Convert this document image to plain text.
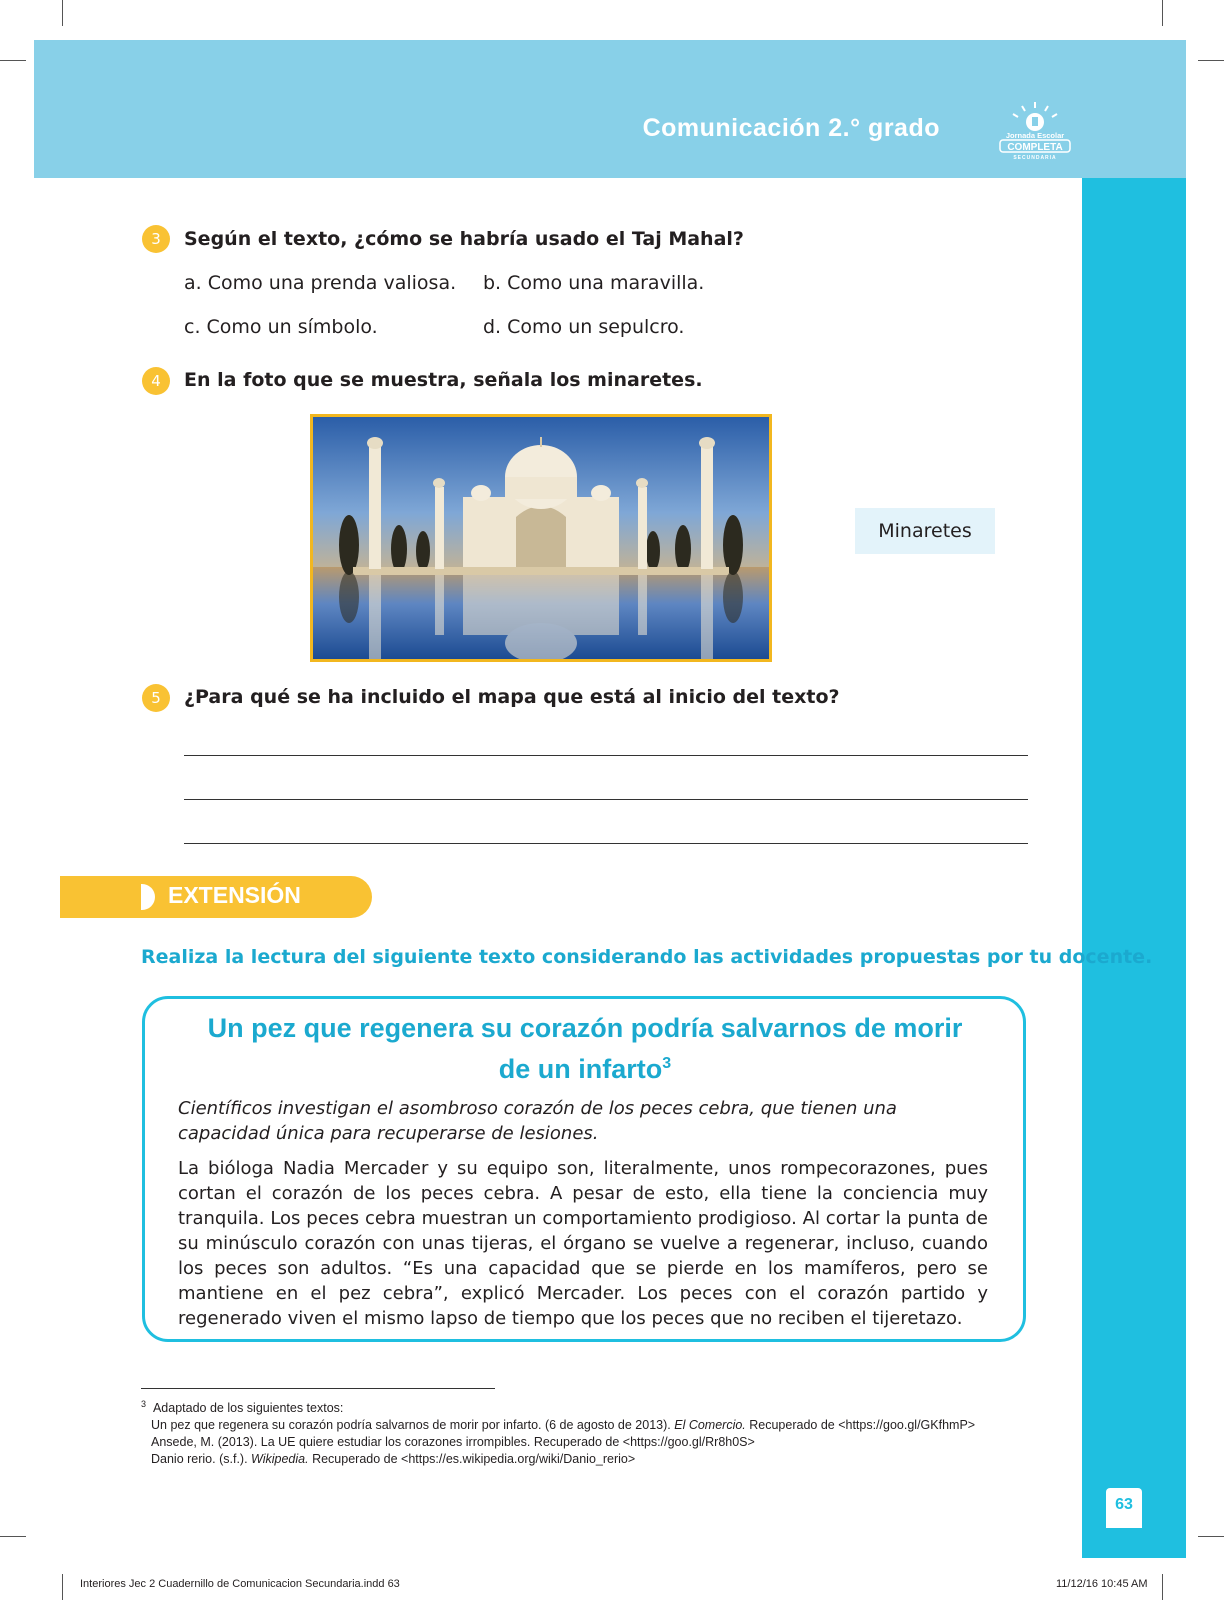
Comunicación 2.° grado	Jornada Escolar
COMPLETA
SECUNDARIA
63
3	Según el texto, ¿cómo se habría usado el Taj Mahal?
a. Como una prenda valiosa. b. Como una maravilla.
c. Como un símbolo.	d. Como un sepulcro.
4	En la foto que se muestra, señala los minaretes.
Minaretes
5	¿Para qué se ha incluido el mapa que está al inicio del texto?
EXTENSIÓN
Realiza la lectura del siguiente texto considerando las actividades propuestas por tu docente.
Un pez que regenera su corazón podría salvarnos de morir
de un infarto$^3$
Científicos investigan el asombroso corazón de los peces cebra, que tienen una capacidad única para recuperarse de lesiones.
La bióloga Nadia Mercader y su equipo son, literalmente, unos rompecorazones, pues cortan el corazón de los peces cebra. A pesar de esto, ella tiene la conciencia muy tranquila. Los peces cebra muestran un comportamiento prodigioso. Al cortar la punta de su minúsculo corazón con unas tijeras, el órgano se vuelve a regenerar, incluso, cuando los peces son adultos. “Es una capacidad que se pierde en los mamíferos, pero se mantiene en el pez cebra”, explicó Mercader. Los peces con el corazón partido y regenerado viven el mismo lapso de tiempo que los peces que no reciben el tijeretazo.
$^3$ Adaptado de los siguientes textos:
Un pez que regenera su corazón podría salvarnos de morir por infarto. (6 de agosto de 2013). El Comercio. Recuperado de <https://goo.gl/GKfhmP>
Ansede, M. (2013). La UE quiere estudiar los corazones irrompibles. Recuperado de <https://goo.gl/Rr8h0S>
Danio rerio. (s.f.). Wikipedia. Recuperado de <https://es.wikipedia.org/wiki/Danio_rerio>
Interiores Jec 2 Cuadernillo de Comunicacion Secundaria.indd 63	11/12/16 10:45 AM
